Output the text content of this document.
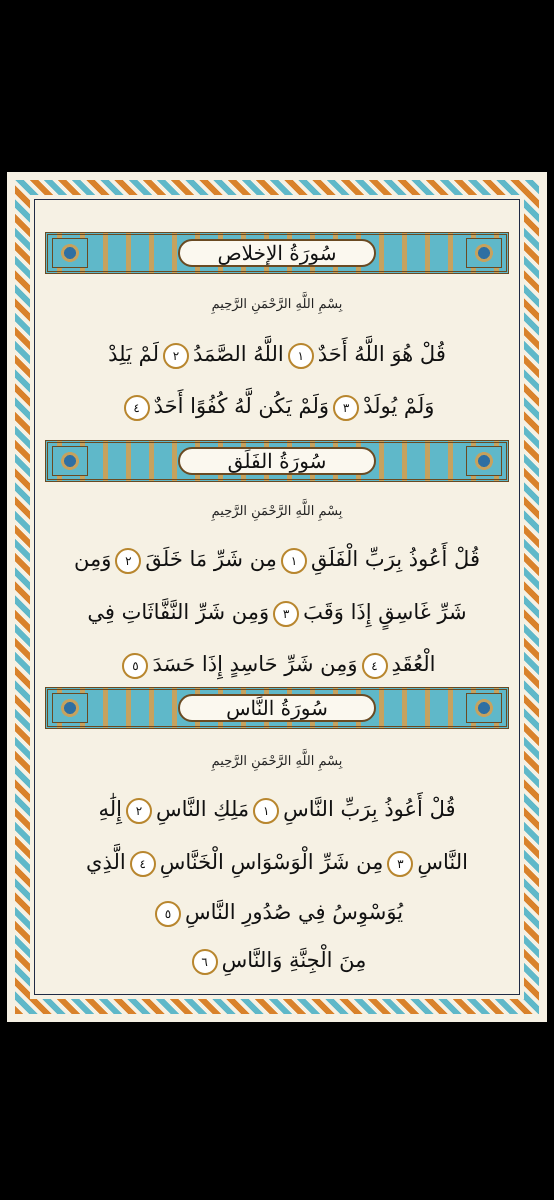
سُورَةُ الإخلاص
بِسْمِ اللَّهِ الرَّحْمَنِ الرَّحِيمِ
قُلْ هُوَ اللَّهُ أَحَدٌ١اللَّهُ الصَّمَدُ٢لَمْ يَلِدْ
وَلَمْ يُولَدْ٣وَلَمْ يَكُن لَّهُ كُفُوًا أَحَدٌ٤
سُورَةُ الفَلَق
بِسْمِ اللَّهِ الرَّحْمَنِ الرَّحِيمِ
قُلْ أَعُوذُ بِرَبِّ الْفَلَقِ١مِن شَرِّ مَا خَلَقَ٢وَمِن
شَرِّ غَاسِقٍ إِذَا وَقَبَ٣وَمِن شَرِّ النَّفَّاثَاتِ فِي
الْعُقَدِ٤وَمِن شَرِّ حَاسِدٍ إِذَا حَسَدَ٥
سُورَةُ النَّاس
بِسْمِ اللَّهِ الرَّحْمَنِ الرَّحِيمِ
قُلْ أَعُوذُ بِرَبِّ النَّاسِ١مَلِكِ النَّاسِ٢إِلَٰهِ
النَّاسِ٣مِن شَرِّ الْوَسْوَاسِ الْخَنَّاسِ٤الَّذِي
يُوَسْوِسُ فِي صُدُورِ النَّاسِ٥
مِنَ الْجِنَّةِ وَالنَّاسِ٦
